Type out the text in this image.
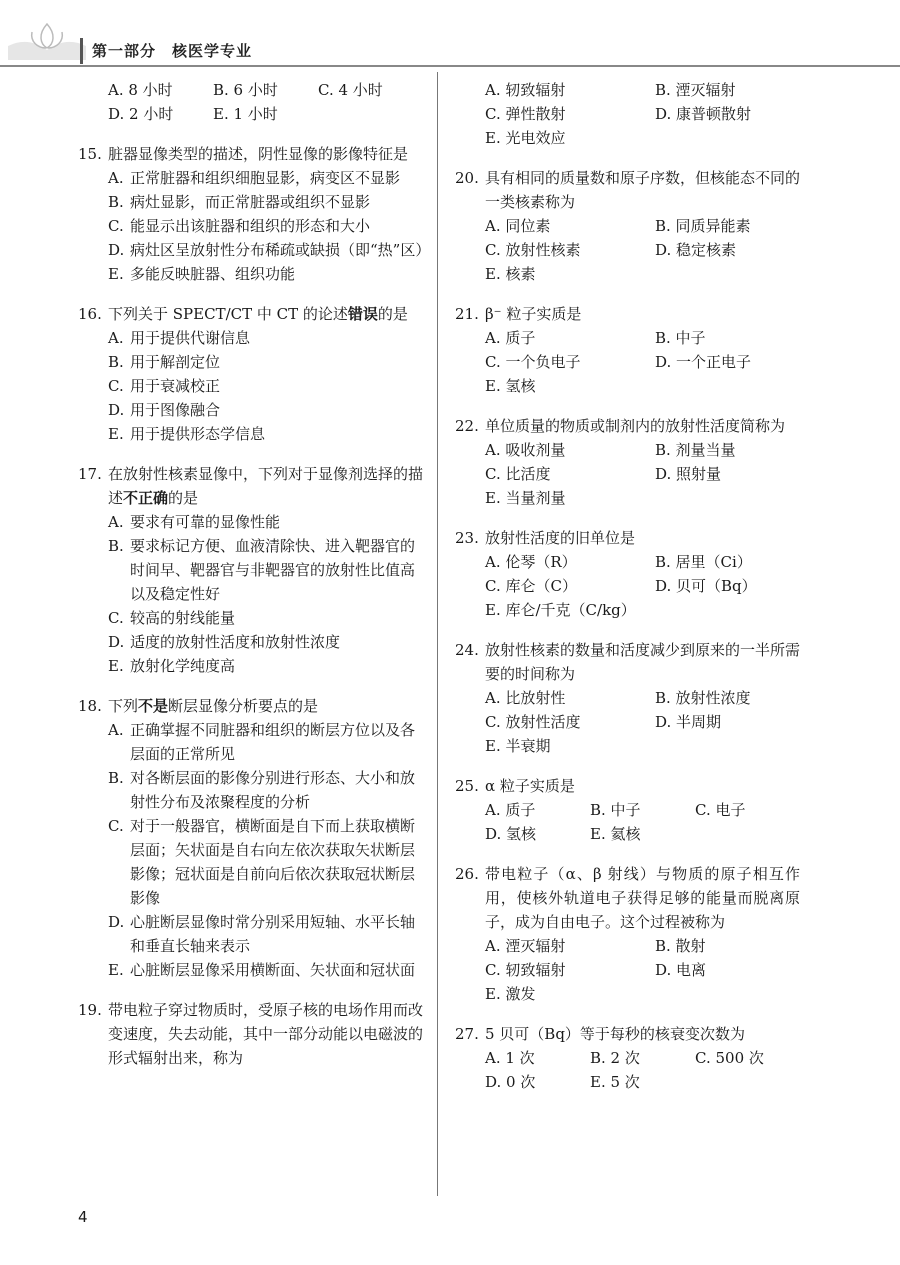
第一部分　核医学专业
A. 8 小时	B. 6 小时	C. 4 小时
D. 2 小时	E. 1 小时
15. 脏器显像类型的描述，阴性显像的影像特征是
A. 正常脏器和组织细胞显影，病变区不显影
B. 病灶显影，而正常脏器或组织不显影
C. 能显示出该脏器和组织的形态和大小
D. 病灶区呈放射性分布稀疏或缺损（即“热”区）
E. 多能反映脏器、组织功能
16. 下列关于 SPECT/CT 中 CT 的论述错误的是
A. 用于提供代谢信息
B. 用于解剖定位
C. 用于衰减校正
D. 用于图像融合
E. 用于提供形态学信息
17. 在放射性核素显像中，下列对于显像剂选择的描述不正确的是
A. 要求有可靠的显像性能
B. 要求标记方便、血液清除快、进入靶器官的时间早、靶器官与非靶器官的放射性比值高以及稳定性好
C. 较高的射线能量
D. 适度的放射性活度和放射性浓度
E. 放射化学纯度高
18. 下列不是断层显像分析要点的是
A. 正确掌握不同脏器和组织的断层方位以及各层面的正常所见
B. 对各断层面的影像分别进行形态、大小和放射性分布及浓聚程度的分析
C. 对于一般器官，横断面是自下而上获取横断层面；矢状面是自右向左依次获取矢状断层影像；冠状面是自前向后依次获取冠状断层影像
D. 心脏断层显像时常分别采用短轴、水平长轴和垂直长轴来表示
E. 心脏断层显像采用横断面、矢状面和冠状面
19. 带电粒子穿过物质时，受原子核的电场作用而改变速度，失去动能，其中一部分动能以电磁波的形式辐射出来，称为
A. 轫致辐射	B. 湮灭辐射
C. 弹性散射	D. 康普顿散射
E. 光电效应
20. 具有相同的质量数和原子序数，但核能态不同的一类核素称为
A. 同位素	B. 同质异能素
C. 放射性核素	D. 稳定核素
E. 核素
21. β⁻ 粒子实质是
A. 质子	B. 中子
C. 一个负电子	D. 一个正电子
E. 氢核
22. 单位质量的物质或制剂内的放射性活度简称为
A. 吸收剂量	B. 剂量当量
C. 比活度	D. 照射量
E. 当量剂量
23. 放射性活度的旧单位是
A. 伦琴（R）	B. 居里（Ci）
C. 库仑（C）	D. 贝可（Bq）
E. 库仑/千克（C/kg）
24. 放射性核素的数量和活度减少到原来的一半所需要的时间称为
A. 比放射性	B. 放射性浓度
C. 放射性活度	D. 半周期
E. 半衰期
25. α 粒子实质是
A. 质子	B. 中子	C. 电子
D. 氢核	E. 氦核
26. 带电粒子（α、β 射线）与物质的原子相互作用，使核外轨道电子获得足够的能量而脱离原子，成为自由电子。这个过程被称为
A. 湮灭辐射	B. 散射
C. 轫致辐射	D. 电离
E. 激发
27. 5 贝可（Bq）等于每秒的核衰变次数为
A. 1 次	B. 2 次	C. 500 次
D. 0 次	E. 5 次
4
